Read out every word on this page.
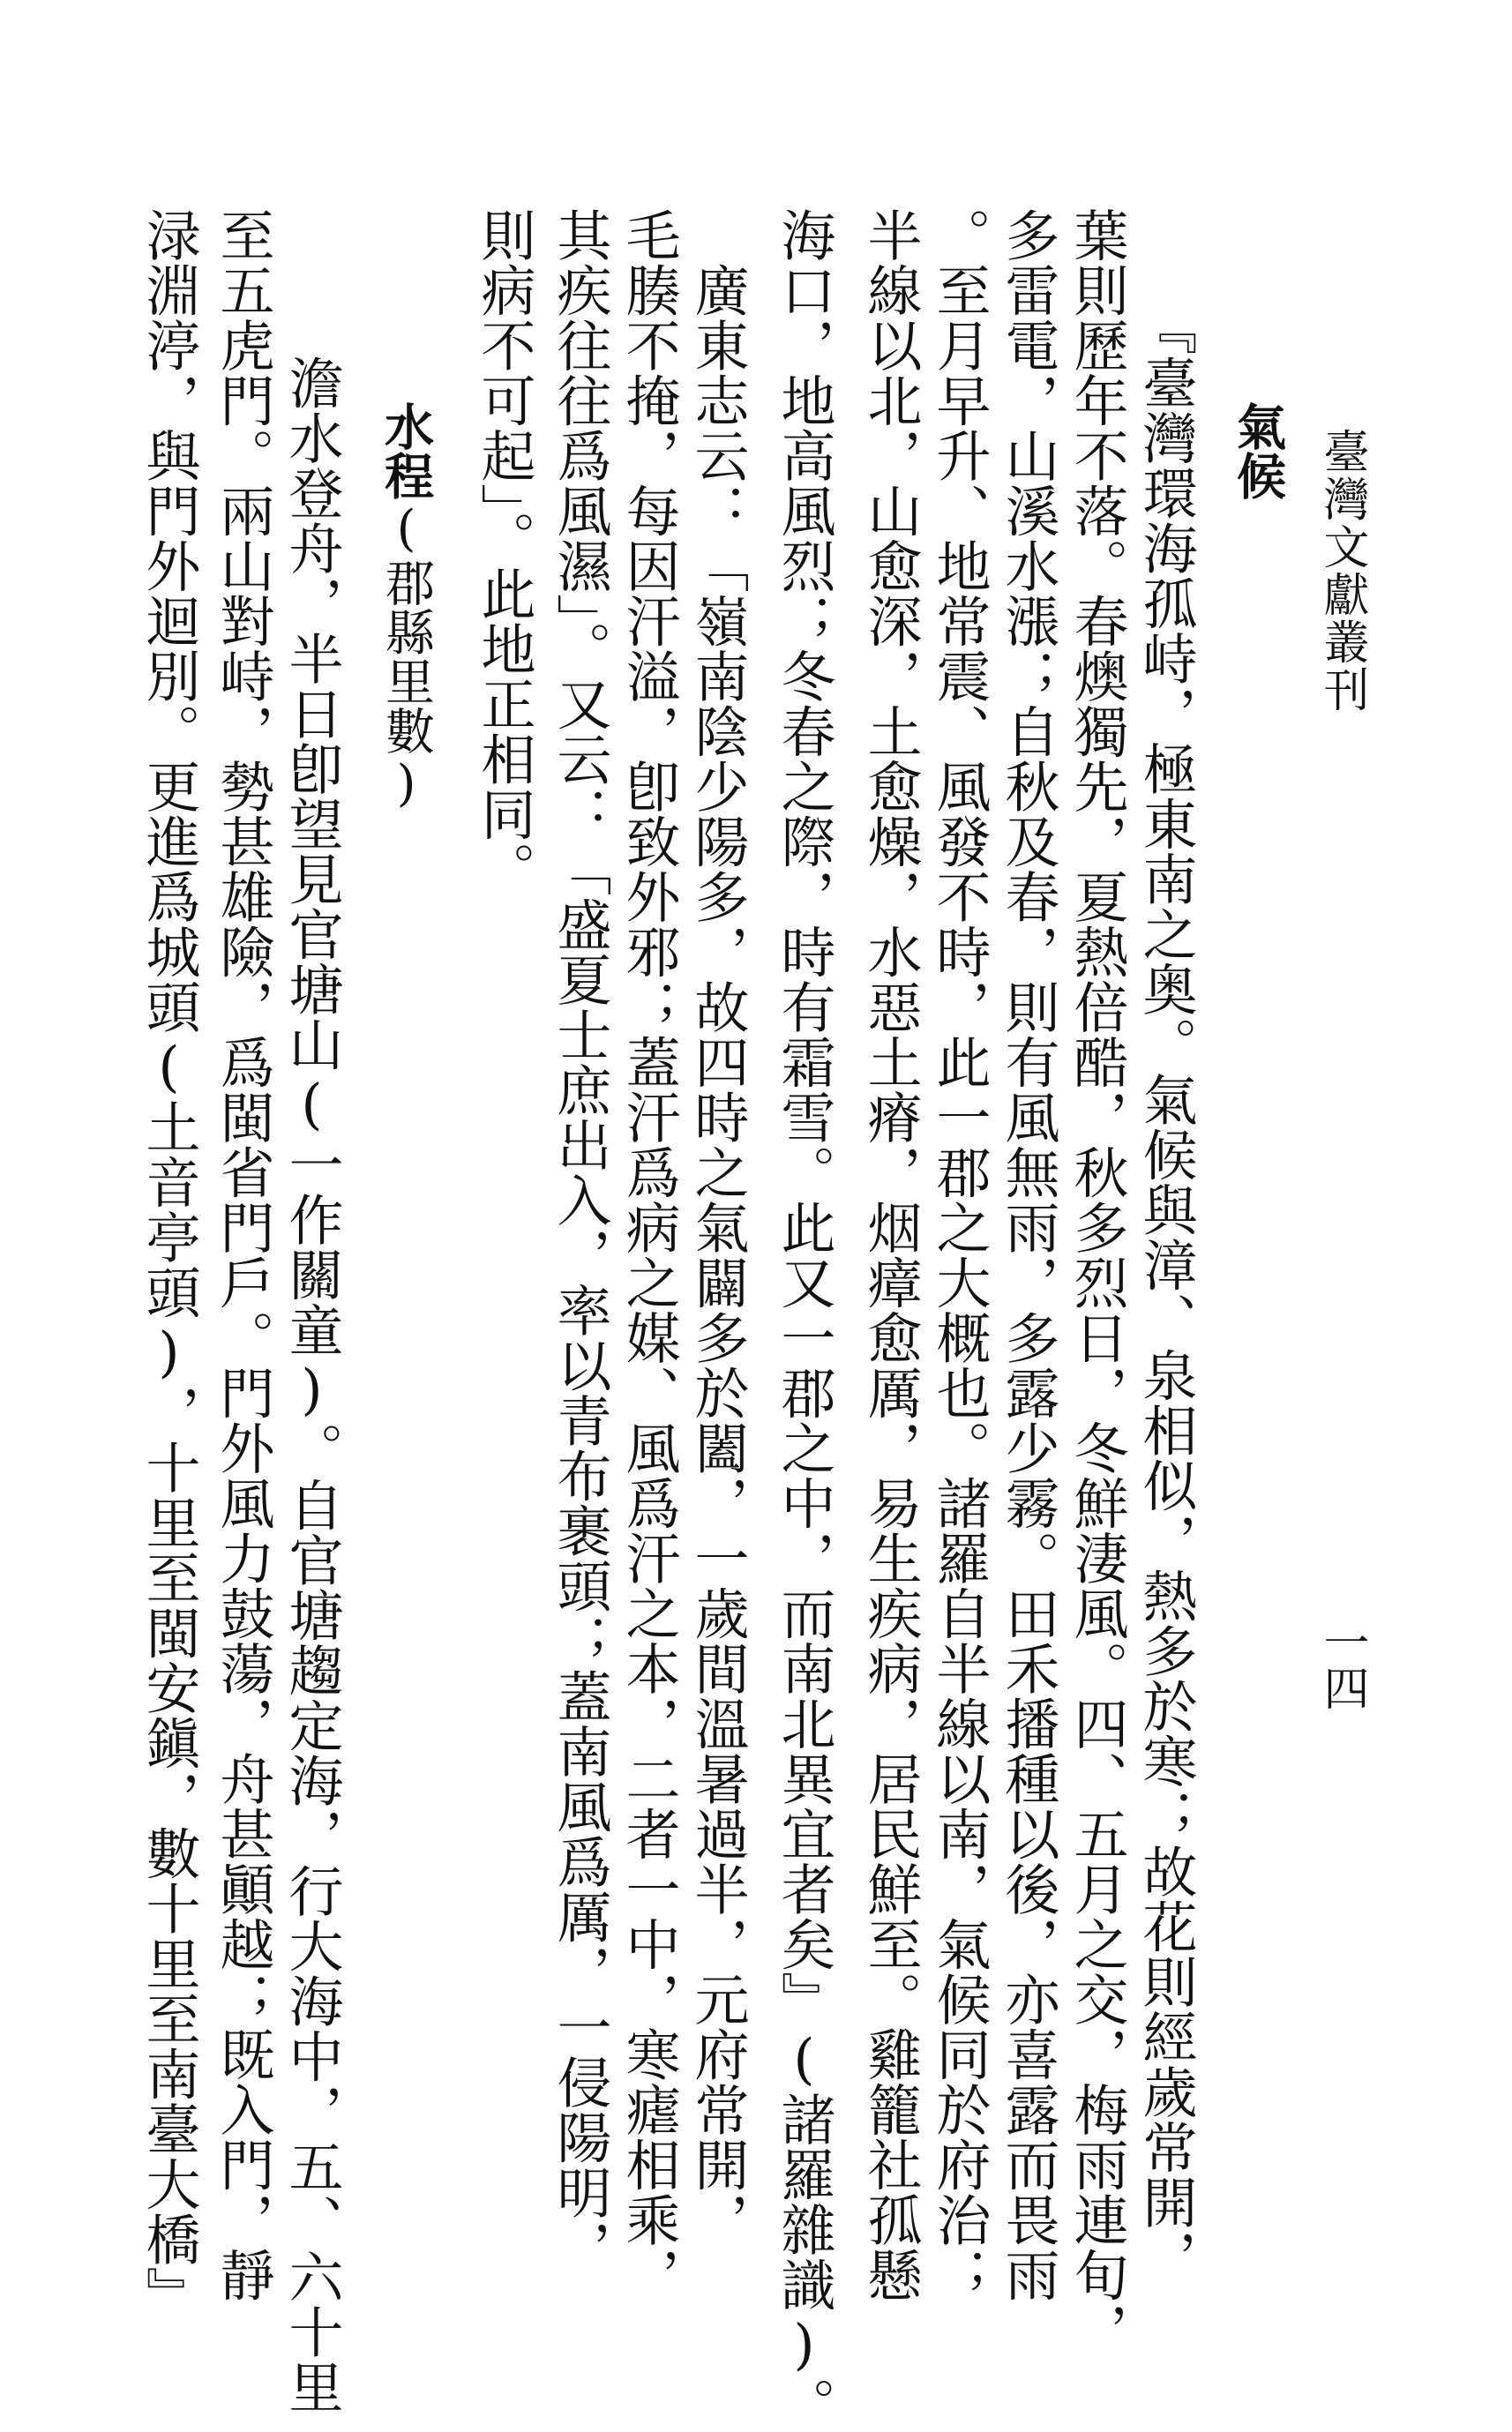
臺灣文獻叢刊
一四
氣候
『臺灣環海孤峙，極東南之奥。氣候與漳、泉相似，熱多於寒；故花則經歲常開，
葉則歷年不落。春燠獨先，夏熱倍酷，秋多烈日，冬鮮淒風。四、五月之交，梅雨連旬，
多雷電，山溪水漲；自秋及春，則有風無雨，多露少霧。田禾播種以後，亦喜露而畏雨
。至月早升、地常震、風發不時，此一郡之大概也。諸羅自半線以南，氣候同於府治；
半線以北，山愈深，土愈燥，水惡土瘠，烟瘴愈厲，易生疾病，居民鮮至。雞籠社孤懸
海口，地高風烈；冬春之際，時有霜雪。此又一郡之中，而南北異宜者矣』(諸羅雜識)。
　廣東志云：「嶺南陰少陽多，故四時之氣闢多於闔，一歲間溫暑過半，元府常開，
毛腠不掩，每因汗溢，卽致外邪；蓋汗爲病之媒、風爲汗之本，二者一中，寒瘧相乘，
其疾往往爲風濕」。又云：「盛夏士庶出入，率以青布裹頭；蓋南風爲厲，一侵陽明，
則病不可起」。此地正相同。
水程(郡縣里數)
　澹水登舟，半日卽望見官塘山(一作關童)。自官塘趨定海，行大海中，五、六十里
至五虎門。兩山對峙，勢甚雄險，爲閩省門戶。門外風力鼓蕩，舟甚顚越；既入門，靜
渌淵渟，與門外迴別。更進爲城頭(土音亭頭)，十里至閩安鎭，數十里至南臺大橋』
